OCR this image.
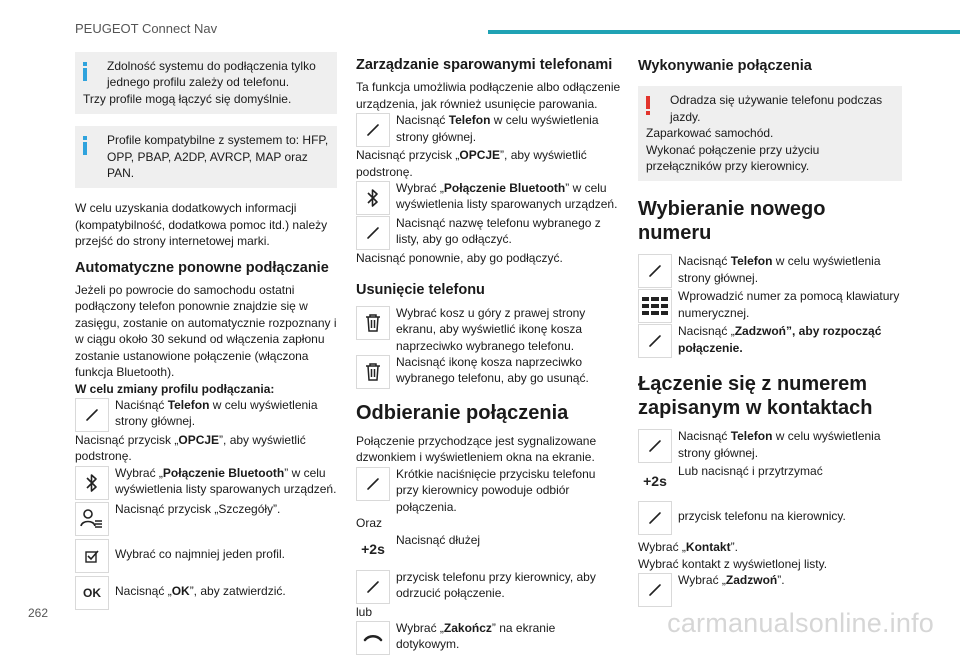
PEUGEOT Connect Nav
Zdolność systemu do podłączenia tylko jednego profilu zależy od telefonu.
Trzy profile mogą łączyć się domyślnie.
Profile kompatybilne z systemem to: HFP, OPP, PBAP, A2DP, AVRCP, MAP oraz PAN.
W celu uzyskania dodatkowych informacji (kompatybilność, dodatkowa pomoc itd.) należy przejść do strony internetowej marki.
Automatyczne ponowne podłączanie
Jeżeli po powrocie do samochodu ostatni podłączony telefon ponownie znajdzie się w zasięgu, zostanie on automatycznie rozpoznany i w ciągu około 30 sekund od włączenia zapłonu zostanie ustanowione połączenie (włączona funkcja Bluetooth).
W celu zmiany profilu podłączania:
Naciśnąć Telefon w celu wyświetlenia strony głównej.
Nacisnąć przycisk „OPCJE”, aby wyświetlić podstronę.
Wybrać „Połączenie Bluetooth” w celu wyświetlenia listy sparowanych urządzeń.
Nacisnąć przycisk „Szczegóły”.
Wybrać co najmniej jeden profil.
OK Nacisnąć „OK”, aby zatwierdzić.
Zarządzanie sparowanymi telefonami
Ta funkcja umożliwia podłączenie albo odłączenie urządzenia, jak również usunięcie parowania.
Nacisnąć Telefon w celu wyświetlenia strony głównej.
Nacisnąć przycisk „OPCJE”, aby wyświetlić podstronę.
Wybrać „Połączenie Bluetooth” w celu wyświetlenia listy sparowanych urządzeń.
Nacisnąć nazwę telefonu wybranego z listy, aby go odłączyć.
Nacisnąć ponownie, aby go podłączyć.
Usunięcie telefonu
Wybrać kosz u góry z prawej strony ekranu, aby wyświetlić ikonę kosza naprzeciwko wybranego telefonu.
Nacisnąć ikonę kosza naprzeciwko wybranego telefonu, aby go usunąć.
Odbieranie połączenia
Połączenie przychodzące jest sygnalizowane dzwonkiem i wyświetleniem okna na ekranie.
Krótkie naciśnięcie przycisku telefonu przy kierownicy powoduje odbiór połączenia.
Oraz
+2s
Nacisnąć dłużej
przycisk telefonu przy kierownicy, aby odrzucić połączenie.
lub
Wybrać „Zakończ” na ekranie dotykowym.
Wykonywanie połączenia
Odradza się używanie telefonu podczas jazdy.
Zaparkować samochód.
Wykonać połączenie przy użyciu przełączników przy kierownicy.
Wybieranie nowego numeru
Nacisnąć Telefon w celu wyświetlenia strony głównej.
Wprowadzić numer za pomocą klawiatury numerycznej.
Nacisnąć „Zadzwoń”, aby rozpocząć połączenie.
Łączenie się z numerem zapisanym w kontaktach
Nacisnąć Telefon w celu wyświetlenia strony głównej.
+2s
Lub nacisnąć i przytrzymać
przycisk telefonu na kierownicy.
Wybrać „Kontakt”.
Wybrać kontakt z wyświetlonej listy.
Wybrać „Zadzwoń”.
262	carmanualsonline.info
